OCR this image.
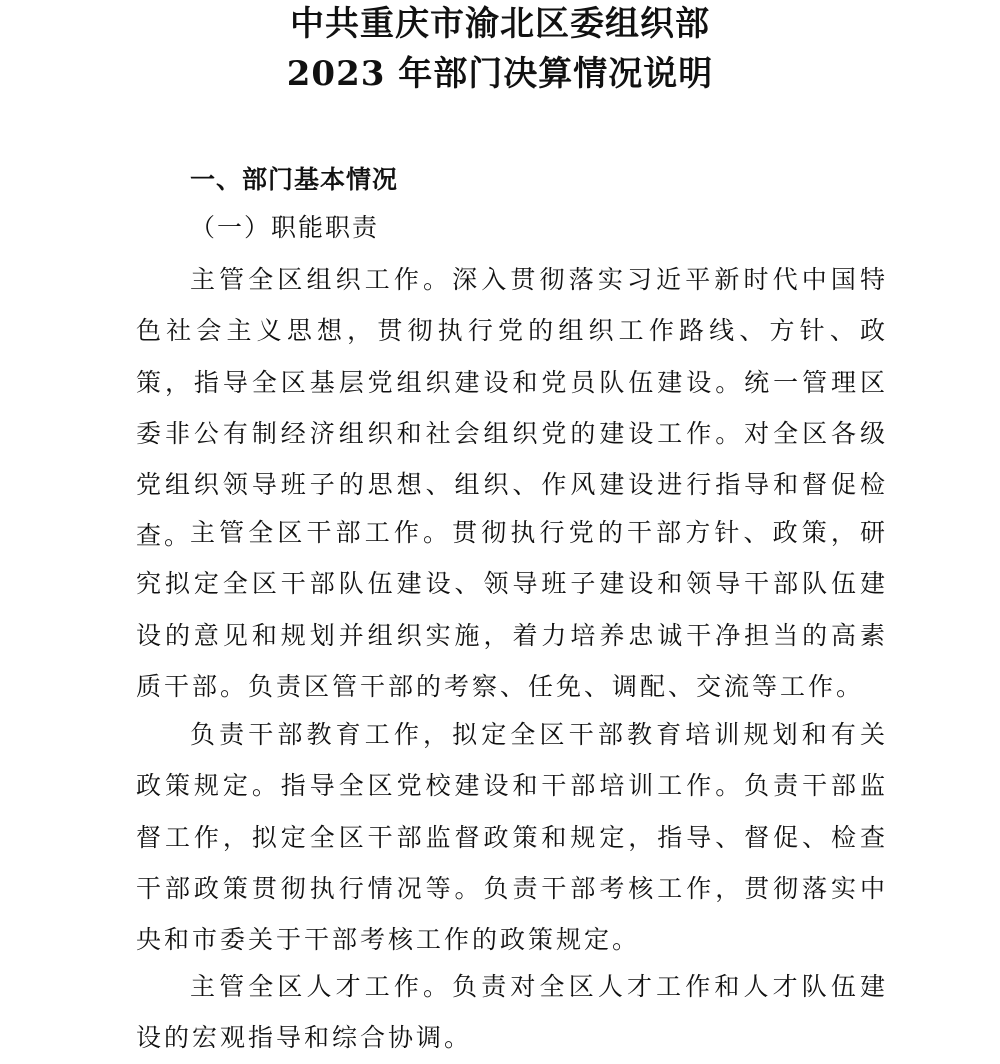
中共重庆市渝北区委组织部
2023 年部门决算情况说明
一、部门基本情况
（一）职能职责

主管全区组织工作。深入贯彻落实习近平新时代中国特色社会主义思想，贯彻执行党的组织工作路线、方针、政策，指导全区基层党组织建设和党员队伍建设。统一管理区委非公有制经济组织和社会组织党的建设工作。对全区各级党组织领导班子的思想、组织、作风建设进行指导和督促检查。

主管全区干部工作。贯彻执行党的干部方针、政策，研究拟定全区干部队伍建设、领导班子建设和领导干部队伍建设的意见和规划并组织实施，着力培养忠诚干净担当的高素质干部。负责区管干部的考察、任免、调配、交流等工作。

负责干部教育工作，拟定全区干部教育培训规划和有关政策规定。指导全区党校建设和干部培训工作。负责干部监督工作，拟定全区干部监督政策和规定，指导、督促、检查干部政策贯彻执行情况等。负责干部考核工作，贯彻落实中央和市委关于干部考核工作的政策规定。

主管全区人才工作。负责对全区人才工作和人才队伍建设的宏观指导和综合协调。
